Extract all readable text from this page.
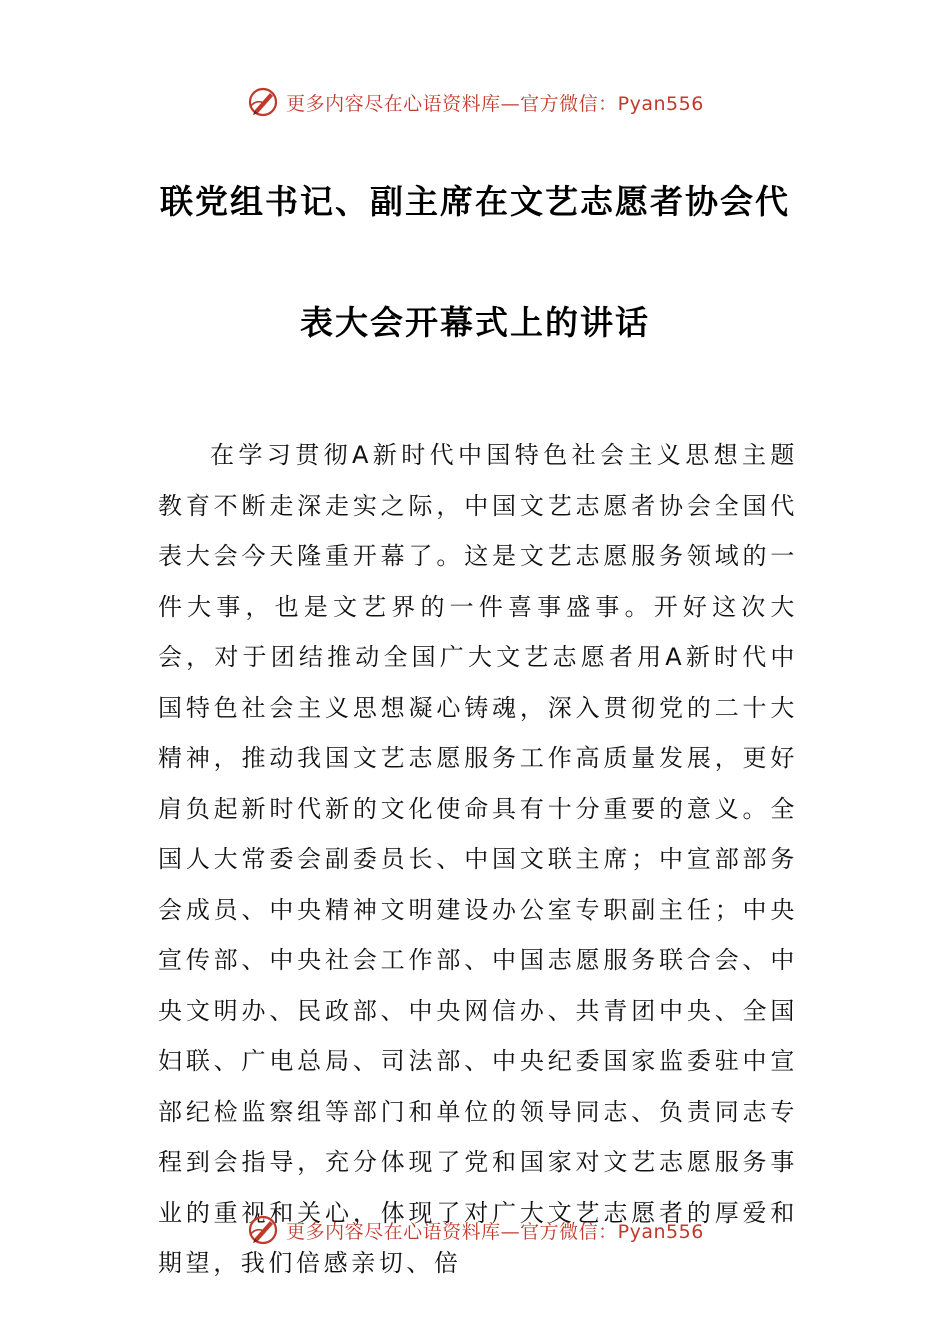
更多内容尽在心语资料库—官方微信：Pyan556
联党组书记、副主席在文艺志愿者协会代
表大会开幕式上的讲话

在学习贯彻A新时代中国特色社会主义思想主题教育不断走深走实之际，中国文艺志愿者协会全国代表大会今天隆重开幕了。这是文艺志愿服务领域的一件大事，也是文艺界的一件喜事盛事。开好这次大会，对于团结推动全国广大文艺志愿者用A新时代中国特色社会主义思想凝心铸魂，深入贯彻党的二十大精神，推动我国文艺志愿服务工作高质量发展，更好肩负起新时代新的文化使命具有十分重要的意义。全国人大常委会副委员长、中国文联主席；中宣部部务会成员、中央精神文明建设办公室专职副主任；中央宣传部、中央社会工作部、中国志愿服务联合会、中央文明办、民政部、中央网信办、共青团中央、全国妇联、广电总局、司法部、中央纪委国家监委驻中宣部纪检监察组等部门和单位的领导同志、负责同志专程到会指导，充分体现了党和国家对文艺志愿服务事业的重视和关心，体现了对广大文艺志愿者的厚爱和期望，我们倍感亲切、倍

更多内容尽在心语资料库—官方微信：Pyan556
